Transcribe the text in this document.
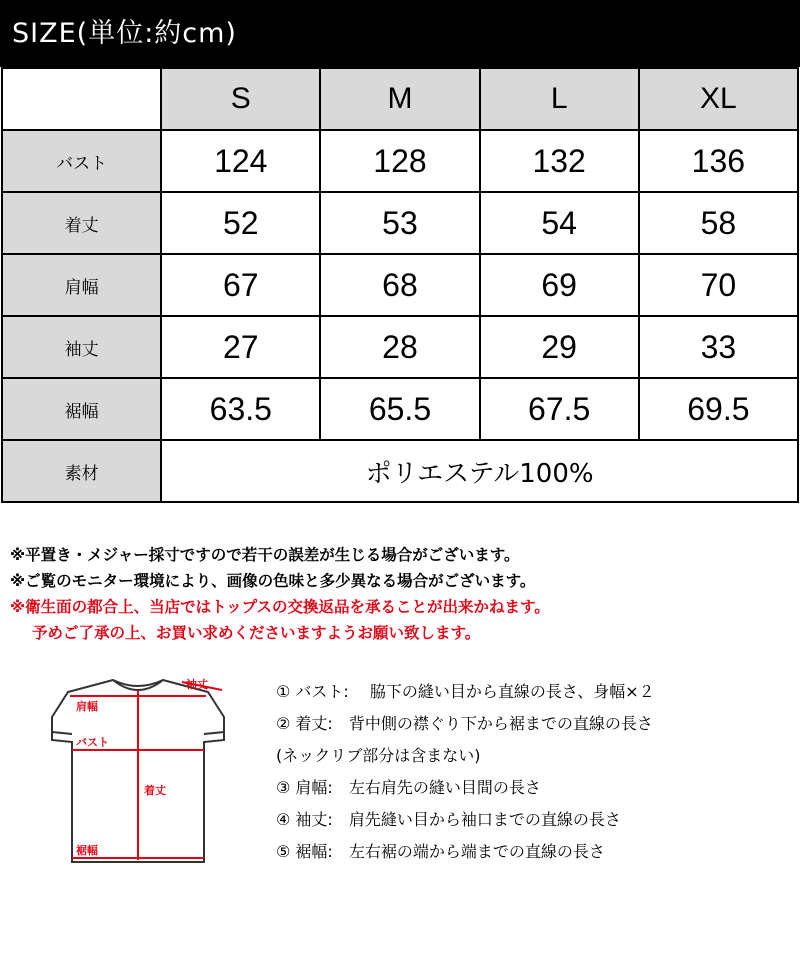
SIZE(単位:約cm)
	S	M	L	XL
バスト	124	128	132	136
着丈	52	53	54	58
肩幅	67	68	69	70
袖丈	27	28	29	33
裾幅	63.5	65.5	67.5	69.5
素材	ポリエステル100%			
※平置き・メジャー採寸ですので若干の誤差が生じる場合がございます。
※ご覧のモニター環境により、画像の色味と多少異なる場合がございます。
※衛生面の都合上、当店ではトップスの交換返品を承ることが出来かねます。
予めご了承の上、お買い求めくださいますようお願い致します。
袖丈
肩幅
バスト
着丈
裾幅
① バスト:　 脇下の縫い目から直線の長さ、身幅×２
② 着丈:　背中側の襟ぐり下から裾までの直線の長さ
(ネックリブ部分は含まない)
③ 肩幅:　左右肩先の縫い目間の長さ
④ 袖丈:　肩先縫い目から袖口までの直線の長さ
⑤ 裾幅:　左右裾の端から端までの直線の長さ
